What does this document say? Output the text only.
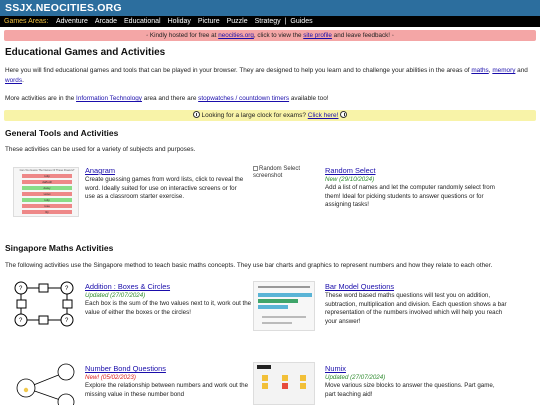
SSJX.NEOCITIES.ORG
Games Areas: Adventure Arcade Educational Holiday Picture Puzzle Strategy | Guides
▫ Kindly hosted for free at neocities.org, click to view the site profile and leave feedback! ▫
Educational Games and Activities
Here you will find educational games and tools that can be played in your browser. They are designed to help you learn and to challenge your abilities in the areas of maths, memory and words.
More activities are in the Information Technology area and there are stopwatches / countdown timers available too!
Looking for a large clock for exams? Click here!
General Tools and Activities
These activities can be used for a variety of subjects and purposes.
Can You Guess The Names Of These Flowers?
tulip
daffodil
daisy
violet
tulip
rose
lily
Anagram
Create guessing games from word lists, click to reveal the word. Ideally suited for use on interactive screens or for use as a classroom starter exercise.
Random Select screenshot
Random Select
New (29/10/2024)
Add a list of names and let the computer randomly select from them! Ideal for picking students to answer questions or for assigning tasks!
Singapore Maths Activities
The following activities use the Singapore method to teach basic maths concepts. They use bar charts and graphics to represent numbers and how they relate to each other.
?	?
?	?
Addition : Boxes & Circles
Updated (27/07/2024)
Each box is the sum of the two values next to it, work out the value of either the boxes or the circles!
Bar Model Questions
These word based maths questions will test you on addition, subtraction, multiplication and division. Each question shows a bar representation of the numbers involved which will help you reach your answer!
Number Bond Questions
New! (05/02/2023)
Explore the relationship between numbers and work out the missing value in these number bond
Numix
Updated (27/07/2024)
Move various size blocks to answer the questions. Part game, part teaching aid!
